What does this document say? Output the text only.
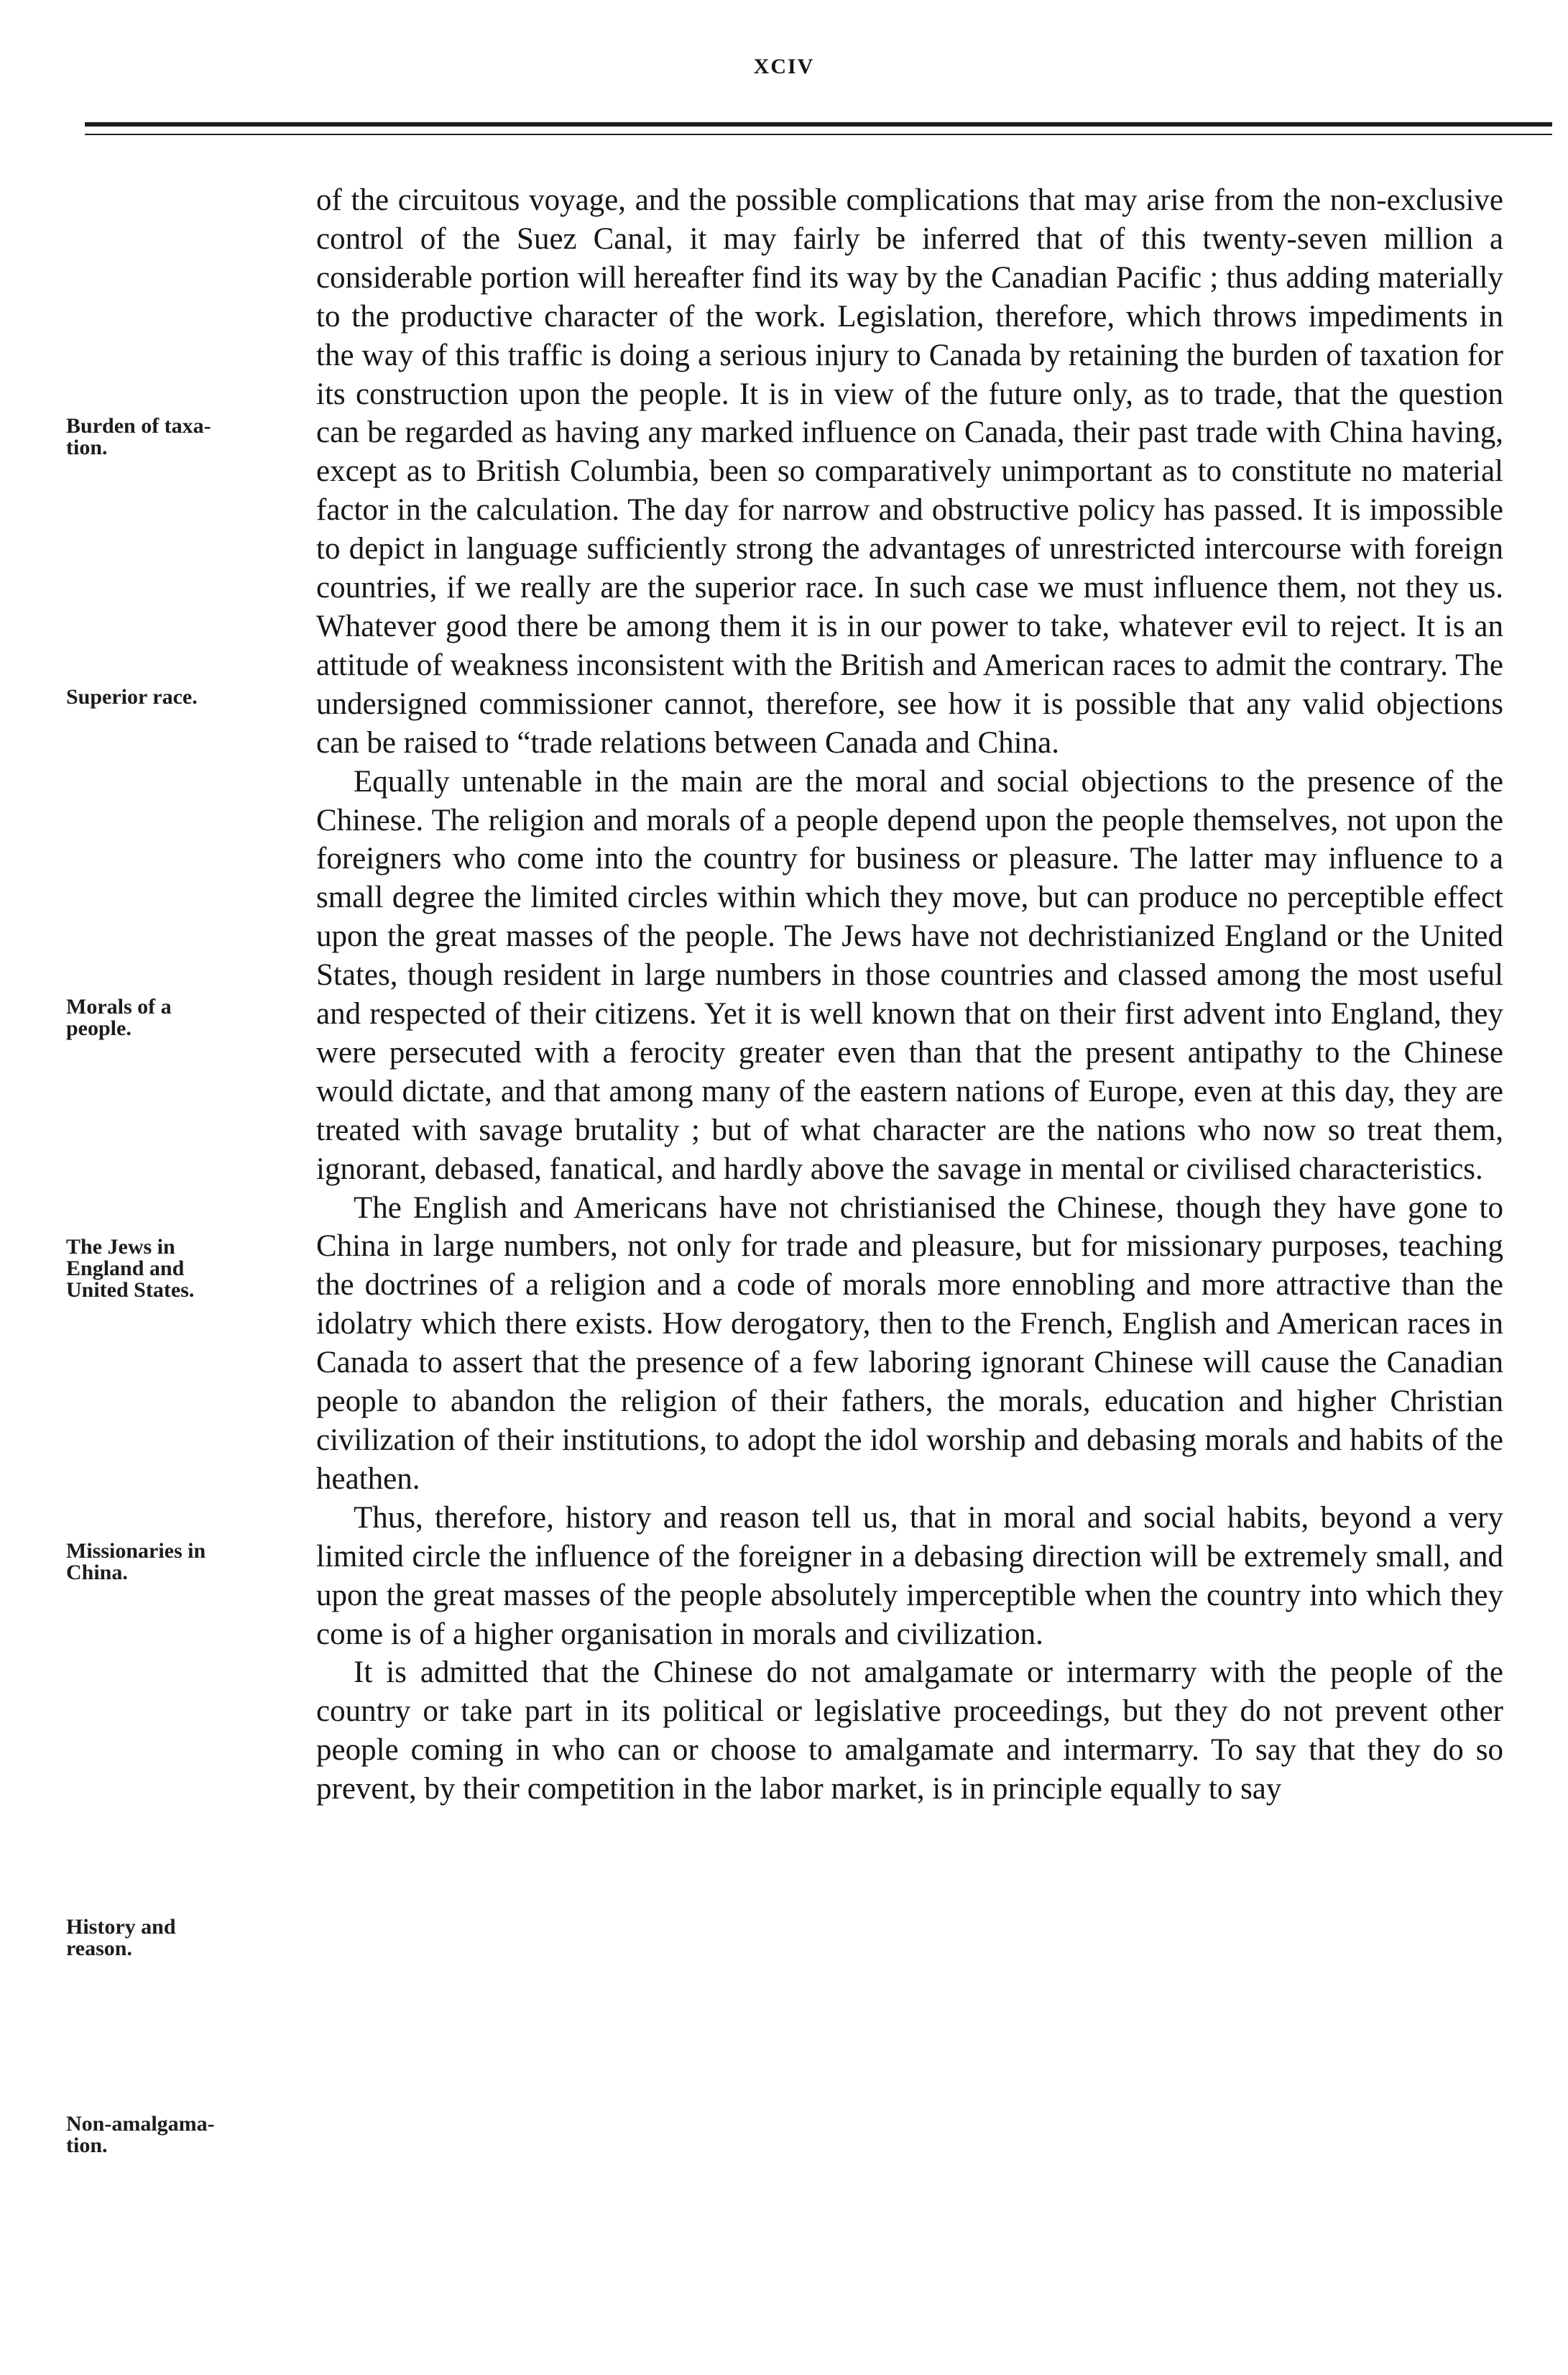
XCIV
Burden of taxa-
tion.
Superior race.
Morals of a
people.
The Jews in
England and
United States.
Missionaries in
China.
History and
reason.
Non-amalgama-
tion.

of the circuitous voyage, and the possible complications that may arise from the non-exclusive control of the Suez Canal, it may fairly be inferred that of this twenty-seven million a considerable portion will hereafter find its way by the Canadian Pacific ; thus adding materially to the productive character of the work. Legislation, therefore, which throws impediments in the way of this traffic is doing a serious injury to Canada by retaining the burden of taxation for its construction upon the people. It is in view of the future only, as to trade, that the question can be regarded as having any marked influence on Canada, their past trade with China having, except as to British Columbia, been so comparatively unimportant as to constitute no material factor in the calculation. The day for narrow and obstructive policy has passed. It is impossible to depict in language sufficiently strong the advantages of unrestricted intercourse with foreign countries, if we really are the superior race. In such case we must influence them, not they us. Whatever good there be among them it is in our power to take, whatever evil to reject. It is an attitude of weakness inconsistent with the British and American races to admit the contrary. The undersigned commissioner cannot, therefore, see how it is possible that any valid objections can be raised to “trade relations between Canada and China.

Equally untenable in the main are the moral and social objections to the presence of the Chinese. The religion and morals of a people depend upon the people themselves, not upon the foreigners who come into the country for business or pleasure. The latter may influence to a small degree the limited circles within which they move, but can produce no perceptible effect upon the great masses of the people. The Jews have not dechristianized England or the United States, though resident in large numbers in those countries and classed among the most useful and respected of their citizens. Yet it is well known that on their first advent into England, they were persecuted with a ferocity greater even than that the present antipathy to the Chinese would dictate, and that among many of the eastern nations of Europe, even at this day, they are treated with savage brutality ; but of what character are the nations who now so treat them, ignorant, debased, fanatical, and hardly above the savage in mental or civilised characteristics.

The English and Americans have not christianised the Chinese, though they have gone to China in large numbers, not only for trade and pleasure, but for missionary purposes, teaching the doctrines of a religion and a code of morals more ennobling and more attractive than the idolatry which there exists. How derogatory, then to the French, English and American races in Canada to assert that the presence of a few laboring ignorant Chinese will cause the Canadian people to abandon the religion of their fathers, the morals, education and higher Christian civilization of their institutions, to adopt the idol worship and debasing morals and habits of the heathen.

Thus, therefore, history and reason tell us, that in moral and social habits, beyond a very limited circle the influence of the foreigner in a debasing direction will be extremely small, and upon the great masses of the people absolutely imperceptible when the country into which they come is of a higher organisation in morals and civilization.

It is admitted that the Chinese do not amalgamate or intermarry with the people of the country or take part in its political or legislative proceedings, but they do not prevent other people coming in who can or choose to amalgamate and intermarry. To say that they do so prevent, by their competition in the labor market, is in principle equally to say
